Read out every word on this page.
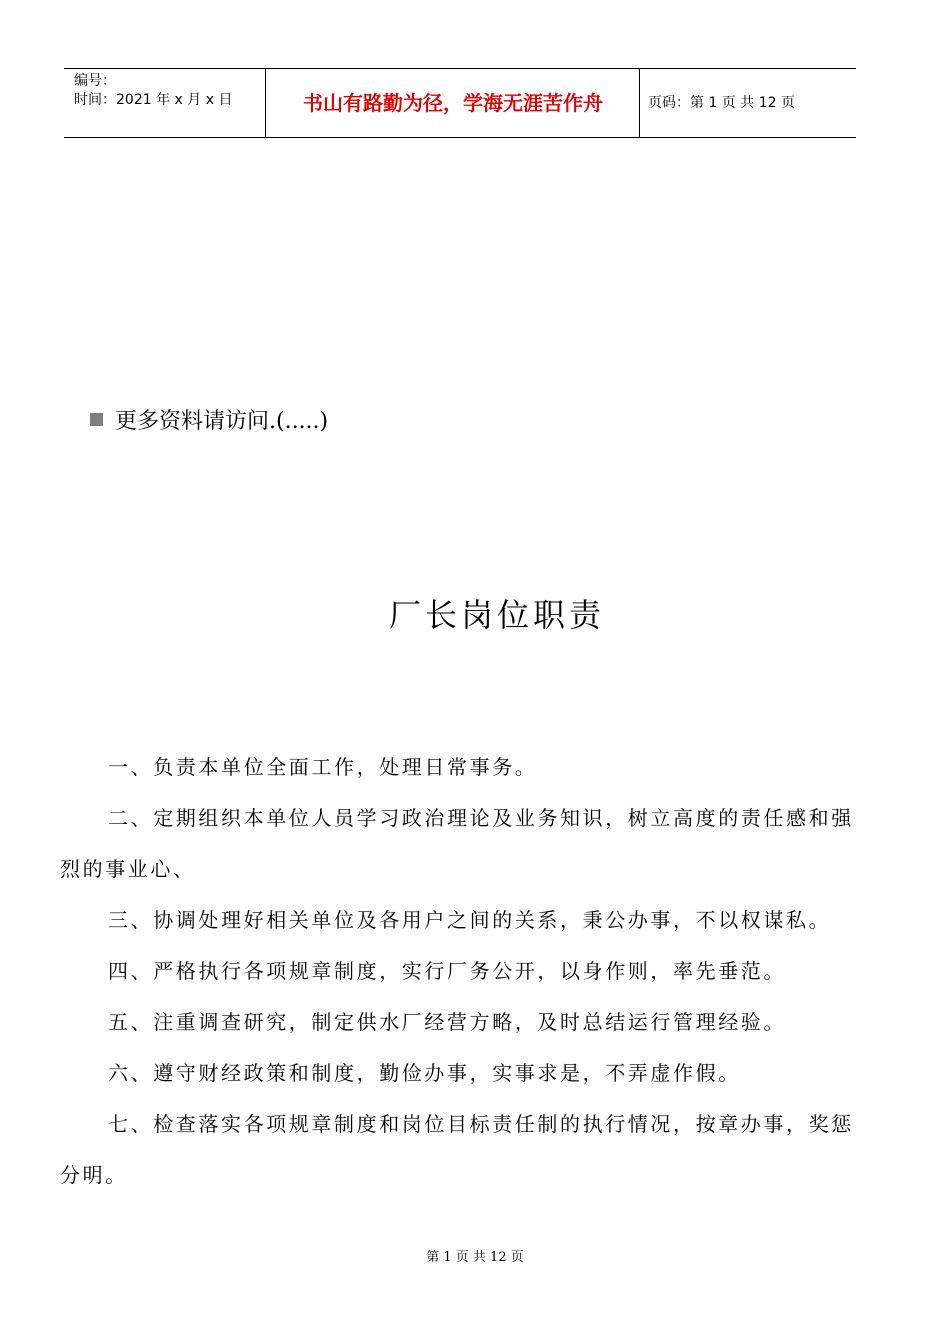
编号：
时间：2021 年 x 月 x 日	书山有路勤为径，学海无涯苦作舟	页码：第 1 页 共 12 页
更多资料请访问.(.....)
厂长岗位职责

一、负责本单位全面工作，处理日常事务。

二、定期组织本单位人员学习政治理论及业务知识，树立高度的责任感和强烈的事业心、

三、协调处理好相关单位及各用户之间的关系，秉公办事，不以权谋私。

四、严格执行各项规章制度，实行厂务公开，以身作则，率先垂范。

五、注重调查研究，制定供水厂经营方略，及时总结运行管理经验。

六、遵守财经政策和制度，勤俭办事，实事求是，不弄虚作假。

七、检查落实各项规章制度和岗位目标责任制的执行情况，按章办事，奖惩分明。

第 1 页 共 12 页
